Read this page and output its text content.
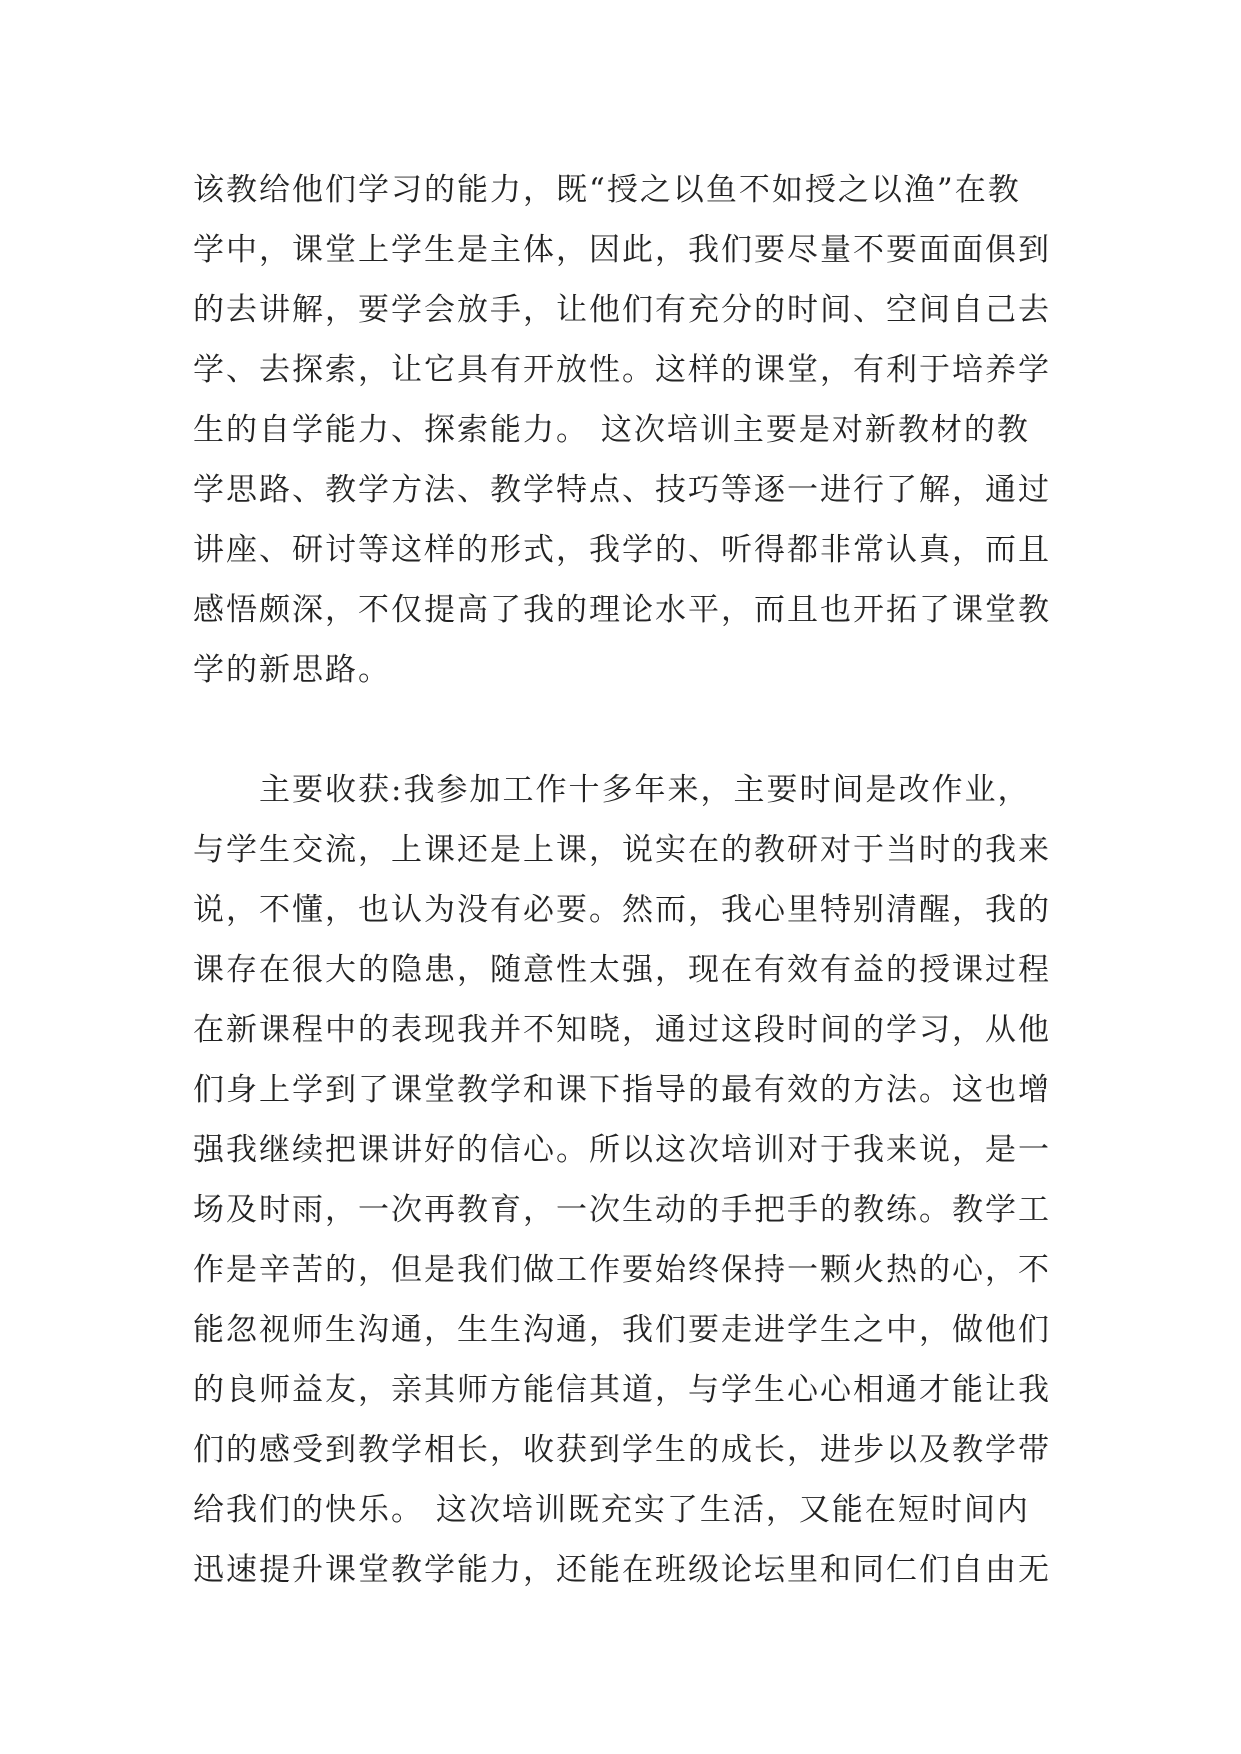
该教给他们学习的能力，既“授之以鱼不如授之以渔”在教
学中，课堂上学生是主体，因此，我们要尽量不要面面俱到
的去讲解，要学会放手，让他们有充分的时间、空间自己去
学、去探索，让它具有开放性。这样的课堂，有利于培养学
生的自学能力、探索能力。 这次培训主要是对新教材的教
学思路、教学方法、教学特点、技巧等逐一进行了解，通过
讲座、研讨等这样的形式，我学的、听得都非常认真，而且
感悟颇深，不仅提高了我的理论水平，而且也开拓了课堂教
学的新思路。
主要收获:我参加工作十多年来，主要时间是改作业，
与学生交流，上课还是上课，说实在的教研对于当时的我来
说，不懂，也认为没有必要。然而，我心里特别清醒，我的
课存在很大的隐患，随意性太强，现在有效有益的授课过程
在新课程中的表现我并不知晓，通过这段时间的学习，从他
们身上学到了课堂教学和课下指导的最有效的方法。这也增
强我继续把课讲好的信心。所以这次培训对于我来说，是一
场及时雨，一次再教育，一次生动的手把手的教练。教学工
作是辛苦的，但是我们做工作要始终保持一颗火热的心，不
能忽视师生沟通，生生沟通，我们要走进学生之中，做他们
的良师益友，亲其师方能信其道，与学生心心相通才能让我
们的感受到教学相长，收获到学生的成长，进步以及教学带
给我们的快乐。 这次培训既充实了生活，又能在短时间内
迅速提升课堂教学能力，还能在班级论坛里和同仁们自由无
